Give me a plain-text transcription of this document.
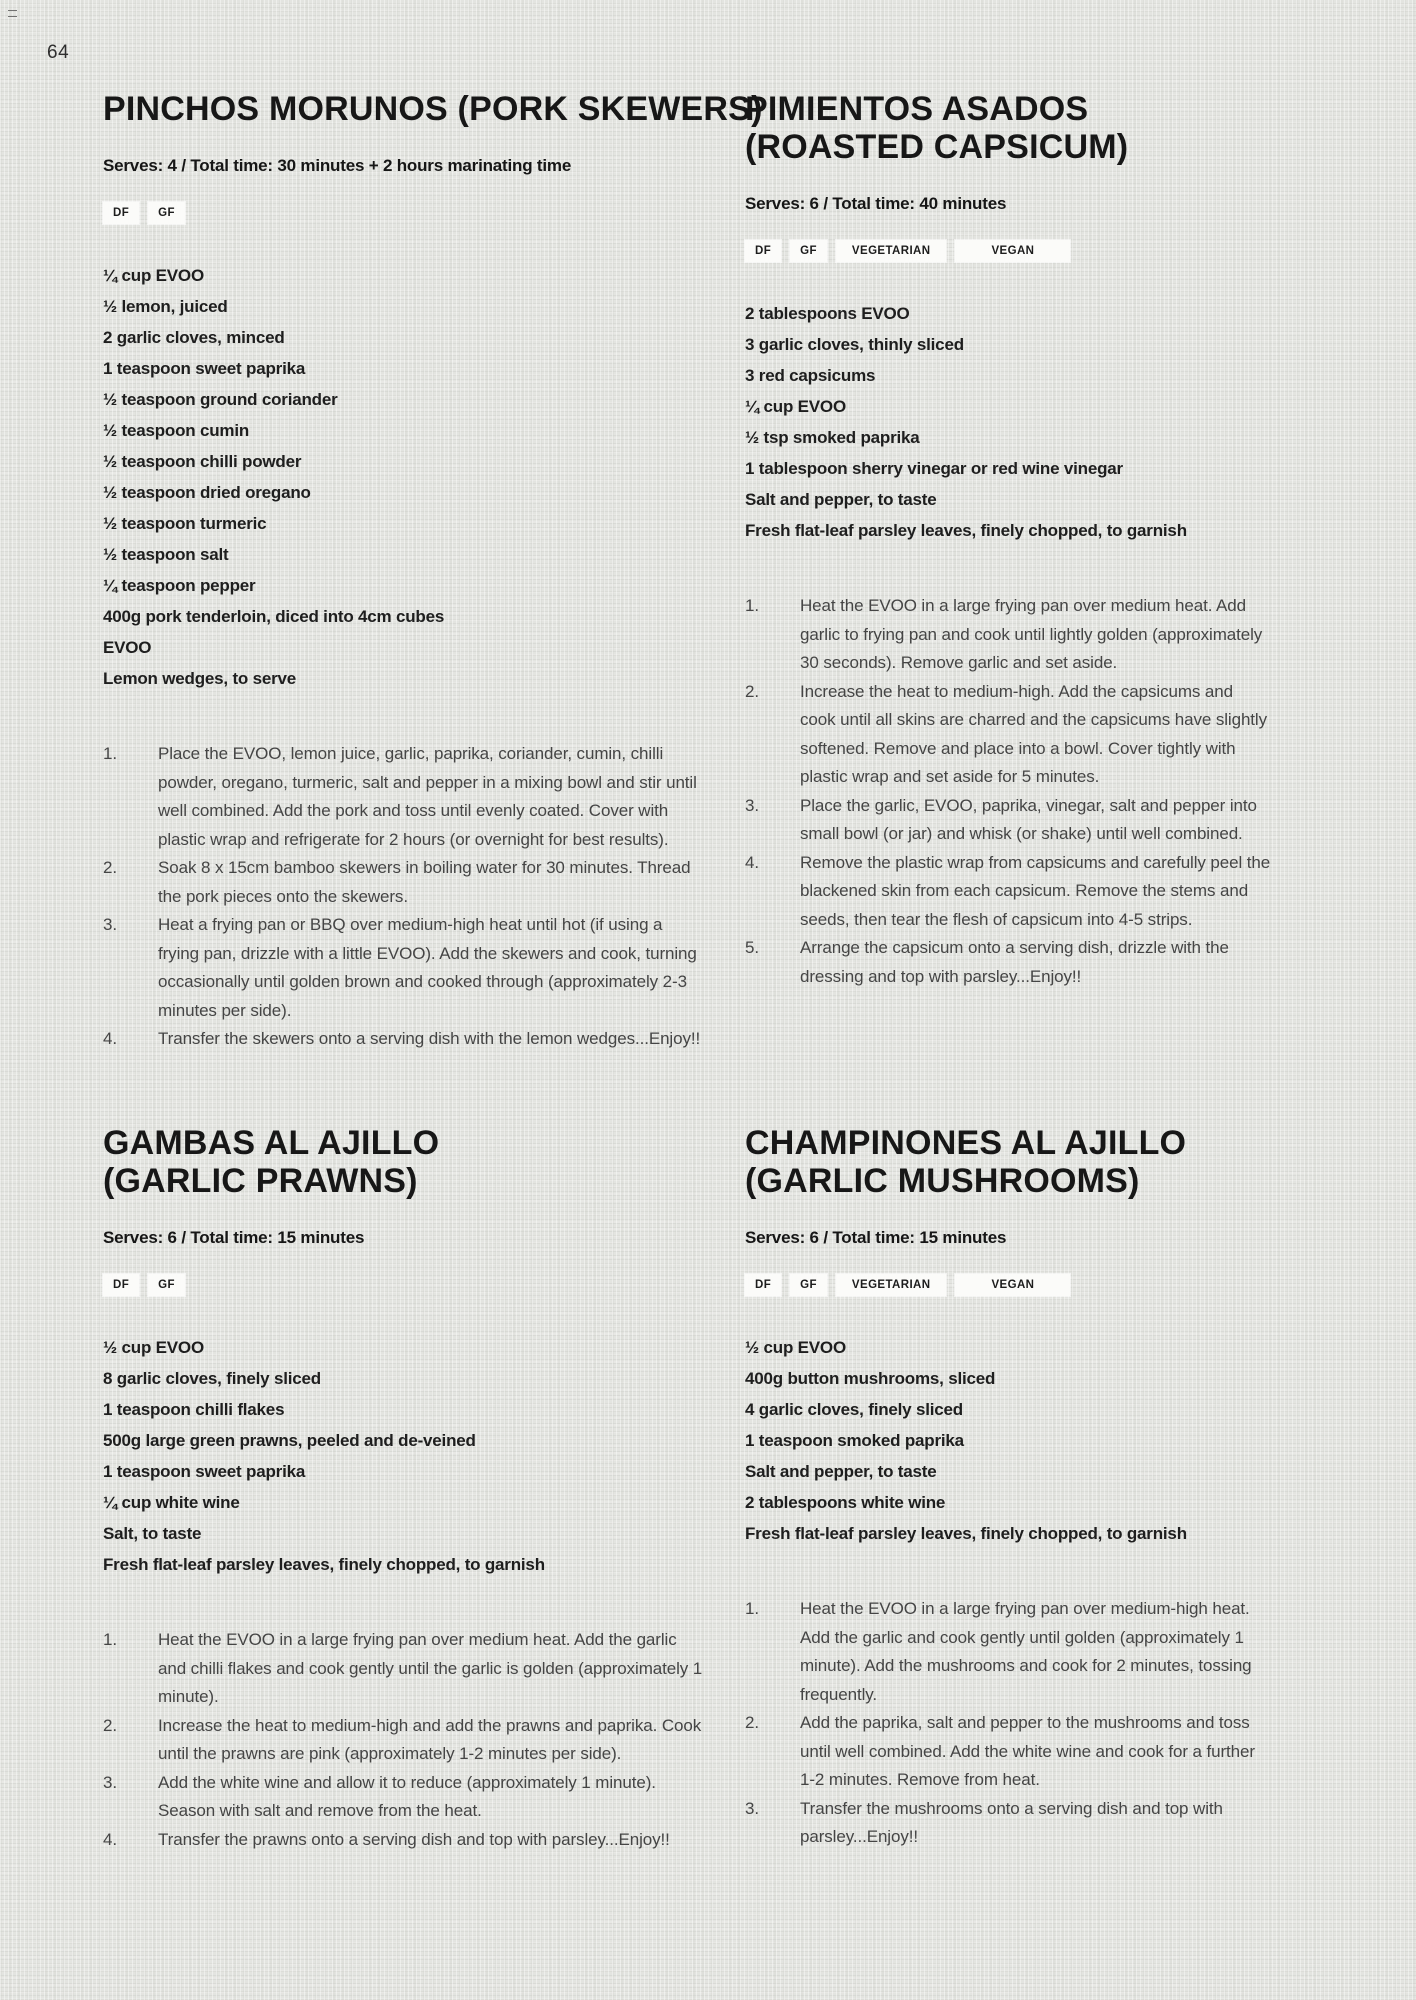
64
PINCHOS MORUNOS (PORK SKEWERS)
Serves: 4 / Total time: 30 minutes + 2 hours marinating time
DF	GF
¼ cup EVOO
½ lemon, juiced
2 garlic cloves, minced
1 teaspoon sweet paprika
½ teaspoon ground coriander
½ teaspoon cumin
½ teaspoon chilli powder
½ teaspoon dried oregano
½ teaspoon turmeric
½ teaspoon salt
¼ teaspoon pepper
400g pork tenderloin, diced into 4cm cubes
EVOO
Lemon wedges, to serve
1.	Place the EVOO, lemon juice, garlic, paprika, coriander, cumin, chilli powder, oregano, turmeric, salt and pepper in a mixing bowl and stir until well combined. Add the pork and toss until evenly coated. Cover with plastic wrap and refrigerate for 2 hours (or overnight for best results).
2.	Soak 8 x 15cm bamboo skewers in boiling water for 30 minutes. Thread the pork pieces onto the skewers.
3.	Heat a frying pan or BBQ over medium-high heat until hot (if using a frying pan, drizzle with a little EVOO). Add the skewers and cook, turning occasionally until golden brown and cooked through (approximately 2-3 minutes per side).
4.	Transfer the skewers onto a serving dish with the lemon wedges...Enjoy!!
PIMIENTOS ASADOS
(ROASTED CAPSICUM)
Serves: 6 / Total time: 40 minutes
DF	GF	VEGETARIAN	VEGAN
2 tablespoons EVOO
3 garlic cloves, thinly sliced
3 red capsicums
¼ cup EVOO
½ tsp smoked paprika
1 tablespoon sherry vinegar or red wine vinegar
Salt and pepper, to taste
Fresh flat-leaf parsley leaves, finely chopped, to garnish
1.	Heat the EVOO in a large frying pan over medium heat. Add garlic to frying pan and cook until lightly golden (approximately 30 seconds). Remove garlic and set aside.
2.	Increase the heat to medium-high. Add the capsicums and cook until all skins are charred and the capsicums have slightly softened. Remove and place into a bowl. Cover tightly with plastic wrap and set aside for 5 minutes.
3.	Place the garlic, EVOO, paprika, vinegar, salt and pepper into small bowl (or jar) and whisk (or shake) until well combined.
4.	Remove the plastic wrap from capsicums and carefully peel the blackened skin from each capsicum. Remove the stems and seeds, then tear the flesh of capsicum into 4-5 strips.
5.	Arrange the capsicum onto a serving dish, drizzle with the dressing and top with parsley...Enjoy!!
GAMBAS AL AJILLO
(GARLIC PRAWNS)
Serves: 6 / Total time: 15 minutes
DF	GF
½ cup EVOO
8 garlic cloves, finely sliced
1 teaspoon chilli flakes
500g large green prawns, peeled and de-veined
1 teaspoon sweet paprika
¼ cup white wine
Salt, to taste
Fresh flat-leaf parsley leaves, finely chopped, to garnish
1.	Heat the EVOO in a large frying pan over medium heat. Add the garlic and chilli flakes and cook gently until the garlic is golden (approximately 1 minute).
2.	Increase the heat to medium-high and add the prawns and paprika. Cook until the prawns are pink (approximately 1-2 minutes per side).
3.	Add the white wine and allow it to reduce (approximately 1 minute). Season with salt and remove from the heat.
4.	Transfer the prawns onto a serving dish and top with parsley...Enjoy!!
CHAMPINONES AL AJILLO
(GARLIC MUSHROOMS)
Serves: 6 / Total time: 15 minutes
DF	GF	VEGETARIAN	VEGAN
½ cup EVOO
400g button mushrooms, sliced
4 garlic cloves, finely sliced
1 teaspoon smoked paprika
Salt and pepper, to taste
2 tablespoons white wine
Fresh flat-leaf parsley leaves, finely chopped, to garnish
1.	Heat the EVOO in a large frying pan over medium-high heat. Add the garlic and cook gently until golden (approximately 1 minute). Add the mushrooms and cook for 2 minutes, tossing frequently.
2.	Add the paprika, salt and pepper to the mushrooms and toss until well combined. Add the white wine and cook for a further 1-2 minutes. Remove from heat.
3.	Transfer the mushrooms onto a serving dish and top with parsley...Enjoy!!
